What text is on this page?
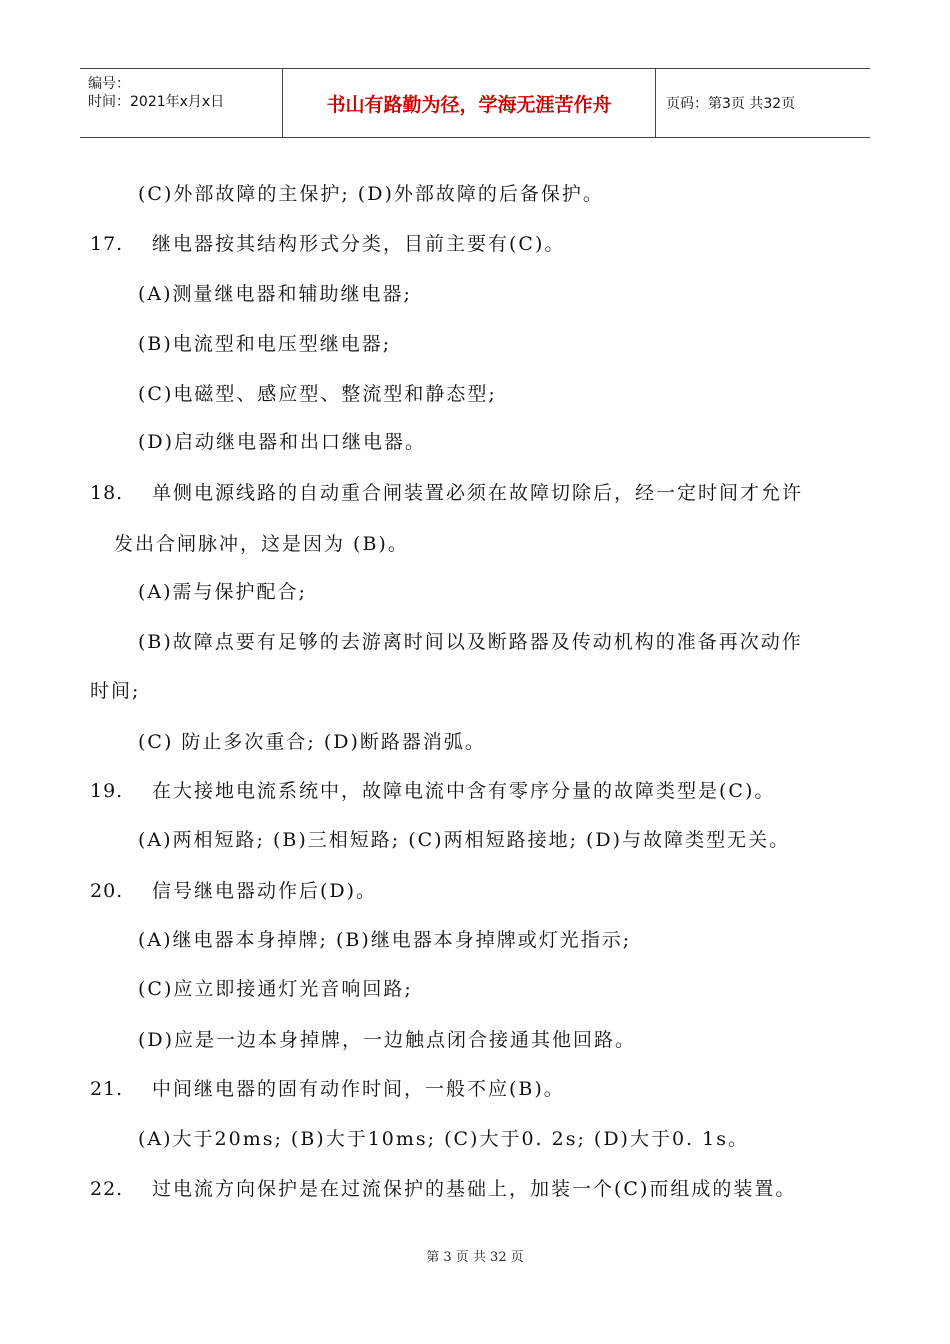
编号：
时间：2021年x月x日	书山有路勤为径，学海无涯苦作舟	页码：第3页 共32页
(C)外部故障的主保护; (D)外部故障的后备保护。
17. 继电器按其结构形式分类，目前主要有(C)。
(A)测量继电器和辅助继电器;
(B)电流型和电压型继电器;
(C)电磁型、感应型、整流型和静态型;
(D)启动继电器和出口继电器。
18. 单侧电源线路的自动重合闸装置必须在故障切除后，经一定时间才允许
发出合闸脉冲，这是因为 (B)。
(A)需与保护配合;
(B)故障点要有足够的去游离时间以及断路器及传动机构的准备再次动作
时间;
(C) 防止多次重合; (D)断路器消弧。
19. 在大接地电流系统中，故障电流中含有零序分量的故障类型是(C)。
(A)两相短路; (B)三相短路; (C)两相短路接地; (D)与故障类型无关。
20. 信号继电器动作后(D)。
(A)继电器本身掉牌; (B)继电器本身掉牌或灯光指示;
(C)应立即接通灯光音响回路;
(D)应是一边本身掉牌，一边触点闭合接通其他回路。
21. 中间继电器的固有动作时间，一般不应(B)。
(A)大于20ms; (B)大于10ms; (C)大于0. 2s; (D)大于0. 1s。
22. 过电流方向保护是在过流保护的基础上，加装一个(C)而组成的装置。
第 3 页 共 32 页
